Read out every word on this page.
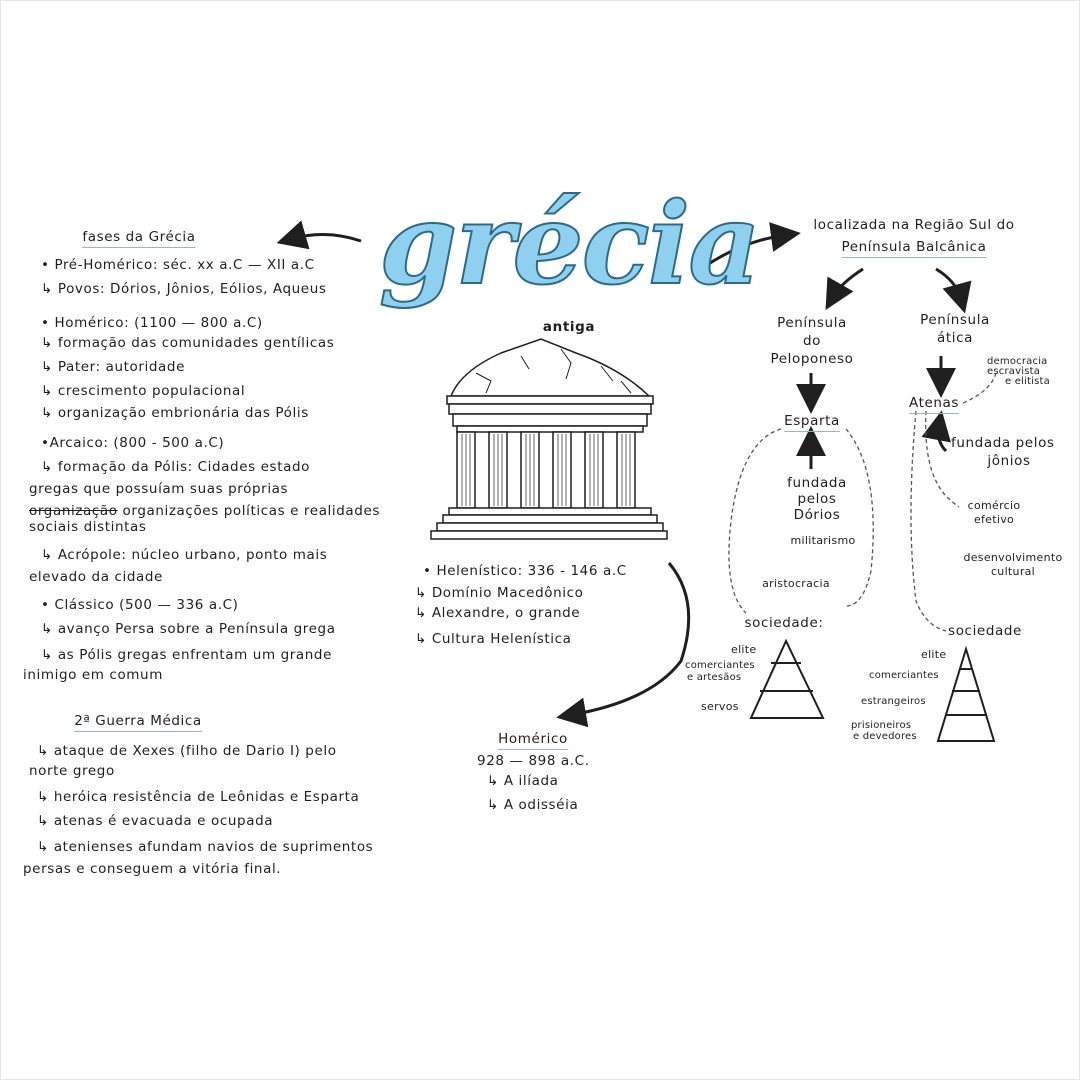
grécia
antiga
fases da Grécia
• Pré-Homérico: séc. xx a.C — XII a.C
↳ Povos: Dórios, Jônios, Eólios, Aqueus
• Homérico: (1100 — 800 a.C)
↳ formação das comunidades gentílicas
↳ Pater: autoridade
↳ crescimento populacional
↳ organização embrionária das Pólis
•Arcaico: (800 - 500 a.C)
↳ formação da Pólis: Cidades estado
gregas que possuíam suas próprias
organização organizações políticas e realidades
sociais distintas
↳ Acrópole: núcleo urbano, ponto mais
elevado da cidade
• Clássico (500 — 336 a.C)
↳ avanço Persa sobre a Península grega
↳ as Pólis gregas enfrentam um grande
inimigo em comum
2ª Guerra Médica
↳ ataque de Xexes (filho de Dario I) pelo
norte grego
↳ heróica resistência de Leônidas e Esparta
↳ atenas é evacuada e ocupada
↳ atenienses afundam navios de suprimentos
persas e conseguem a vitória final.
• Helenístico: 336 - 146 a.C
↳ Domínio Macedônico
↳ Alexandre, o grande
↳ Cultura Helenística
Homérico
928 — 898 a.C.
↳ A ilíada
↳ A odisséia
localizada na Região Sul do
Península Balcânica
Península
do
Peloponeso
Esparta
fundada
pelos
Dórios
militarismo
aristocracia
sociedade:
elite
comerciantes
e artesãos
servos
Península
ática
democracia
escravista
e elitista
Atenas
fundada pelos
jônios
comércio
efetivo
desenvolvimento
cultural
sociedade
elite
comerciantes
estrangeiros
prisioneiros
e devedores
